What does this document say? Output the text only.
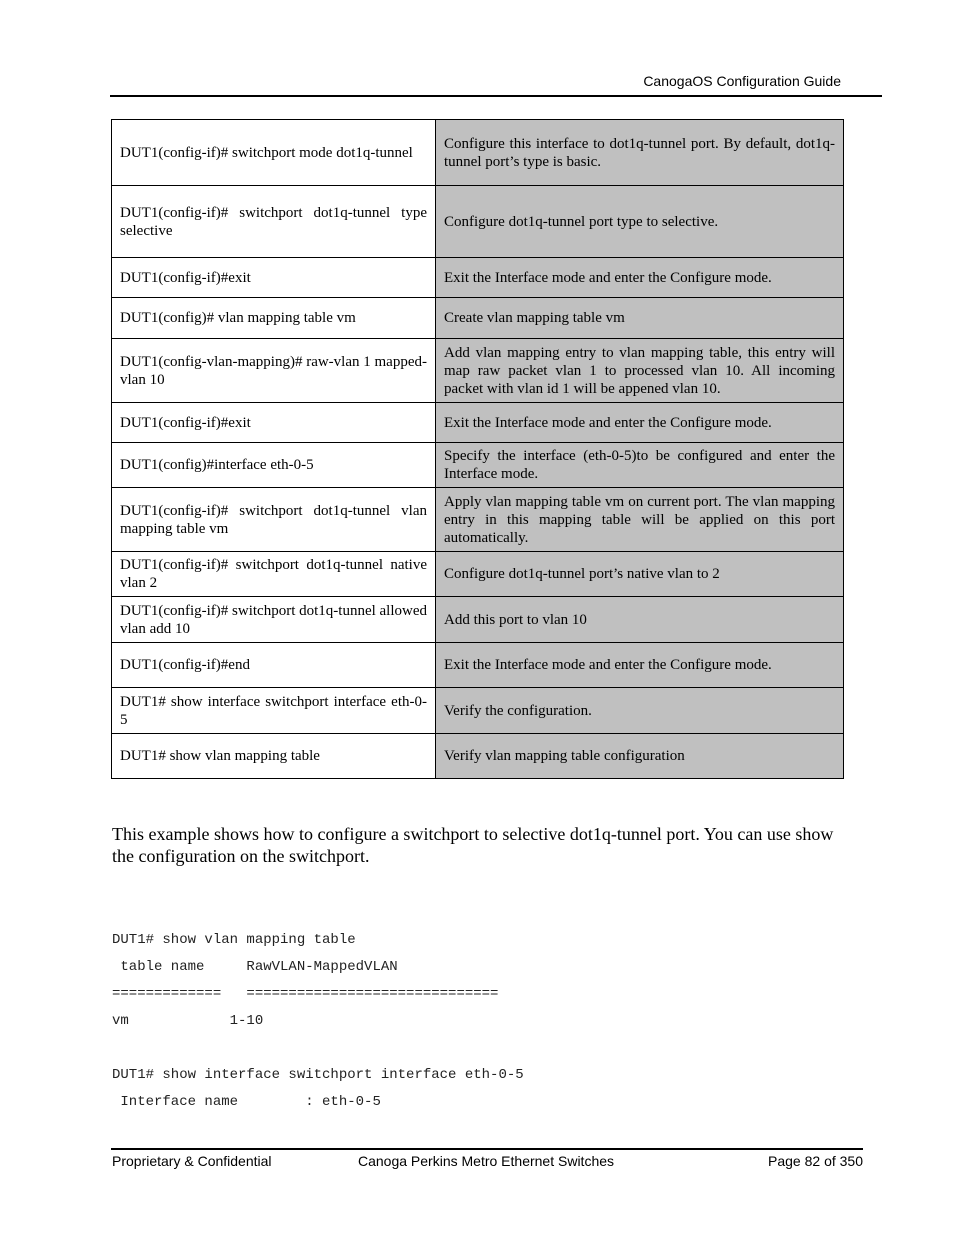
CanogaOS Configuration Guide
DUT1(config-if)# switchport mode dot1q-tunnel	Configure this interface to dot1q-tunnel port. By default, dot1q-tunnel port’s type is basic.
DUT1(config-if)# switchport dot1q-tunnel type selective	Configure dot1q-tunnel port type to selective.
DUT1(config-if)#exit	Exit the Interface mode and enter the Configure mode.
DUT1(config)# vlan mapping table vm	Create vlan mapping table vm
DUT1(config-vlan-mapping)# raw-vlan 1 mapped-vlan 10	Add vlan mapping entry to vlan mapping table, this entry will map raw packet vlan 1 to processed vlan 10. All incoming packet with vlan id 1 will be appened vlan 10.
DUT1(config-if)#exit	Exit the Interface mode and enter the Configure mode.
DUT1(config)#interface eth-0-5	Specify the interface (eth-0-5)to be configured and enter the Interface mode.
DUT1(config-if)# switchport dot1q-tunnel vlan mapping table vm	Apply vlan mapping table vm on current port. The vlan mapping entry in this mapping table will be applied on this port automatically.
DUT1(config-if)# switchport dot1q-tunnel native vlan 2	Configure dot1q-tunnel port’s native vlan to 2
DUT1(config-if)# switchport dot1q-tunnel allowed vlan add 10	Add this port to vlan 10
DUT1(config-if)#end	Exit the Interface mode and enter the Configure mode.
DUT1# show interface switchport interface eth-0-5	Verify the configuration.
DUT1# show vlan mapping table	Verify vlan mapping table configuration
This example shows how to configure a switchport to selective dot1q-tunnel port. You can use show the configuration on the switchport.
DUT1# show vlan mapping table
table name     RawVLAN-MappedVLAN
=============   ==============================
vm            1-10
DUT1# show interface switchport interface eth-0-5
Interface name        : eth-0-5
Proprietary & Confidential	Canoga Perkins Metro Ethernet Switches	Page 82 of 350
